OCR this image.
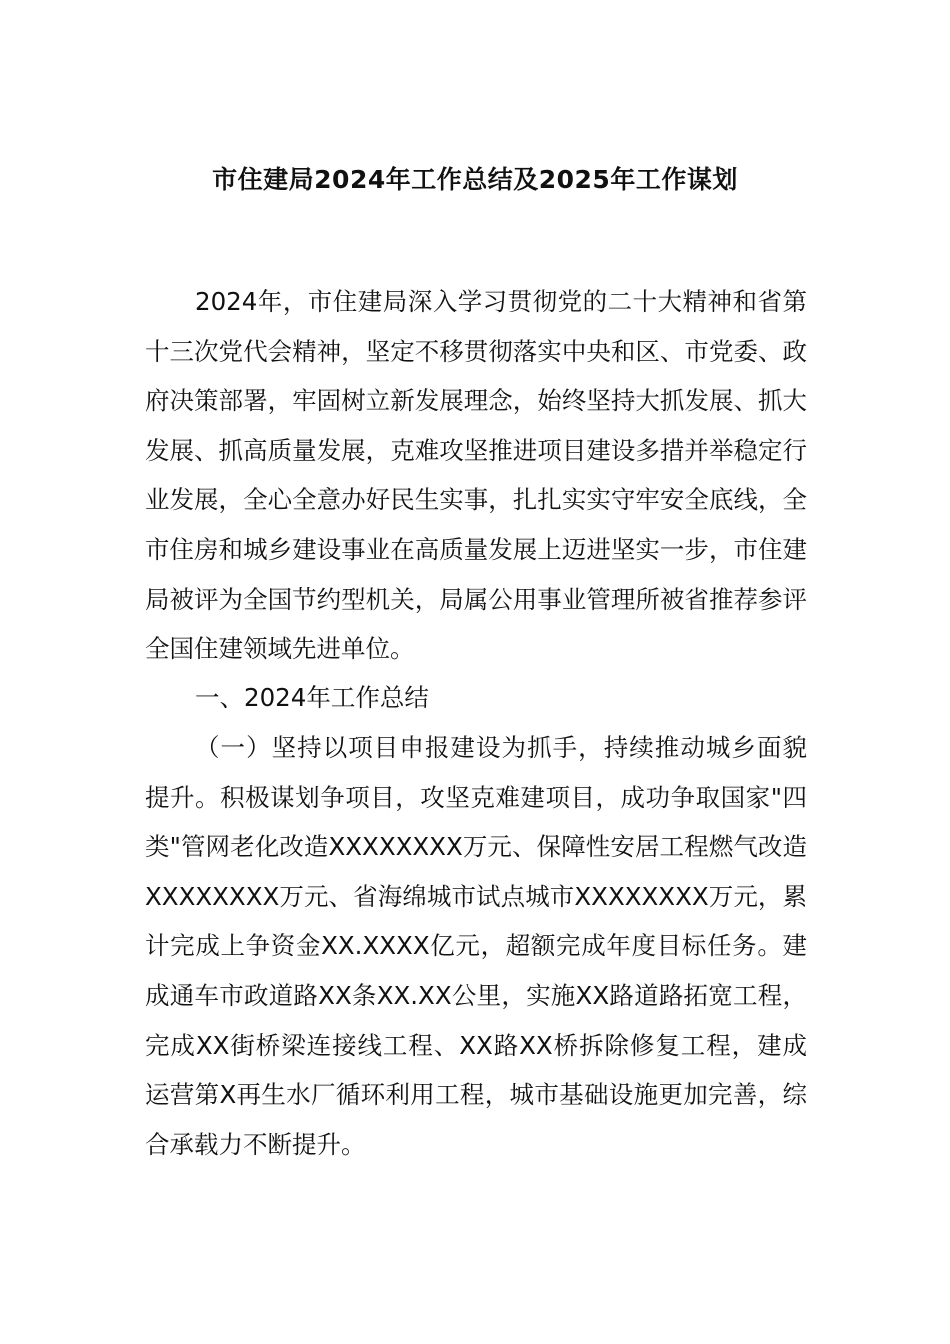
市住建局2024年工作总结及2025年工作谋划

2024年，市住建局深入学习贯彻党的二十大精神和省第十三次党代会精神，坚定不移贯彻落实中央和区、市党委、政府决策部署，牢固树立新发展理念，始终坚持大抓发展、抓大发展、抓高质量发展，克难攻坚推进项目建设多措并举稳定行业发展，全心全意办好民生实事，扎扎实实守牢安全底线，全市住房和城乡建设事业在高质量发展上迈进坚实一步，市住建局被评为全国节约型机关，局属公用事业管理所被省推荐参评全国住建领域先进单位。

一、2024年工作总结

（一）坚持以项目申报建设为抓手，持续推动城乡面貌提升。积极谋划争项目，攻坚克难建项目，成功争取国家"四类"管网老化改造XXXXXXXX万元、保障性安居工程燃气改造XXXXXXXX万元、省海绵城市试点城市XXXXXXXX万元，累计完成上争资金XX.XXXX亿元，超额完成年度目标任务。建成通车市政道路XX条XX.XX公里，实施XX路道路拓宽工程，完成XX街桥梁连接线工程、XX路XX桥拆除修复工程，建成运营第X再生水厂循环利用工程，城市基础设施更加完善，综合承载力不断提升。
